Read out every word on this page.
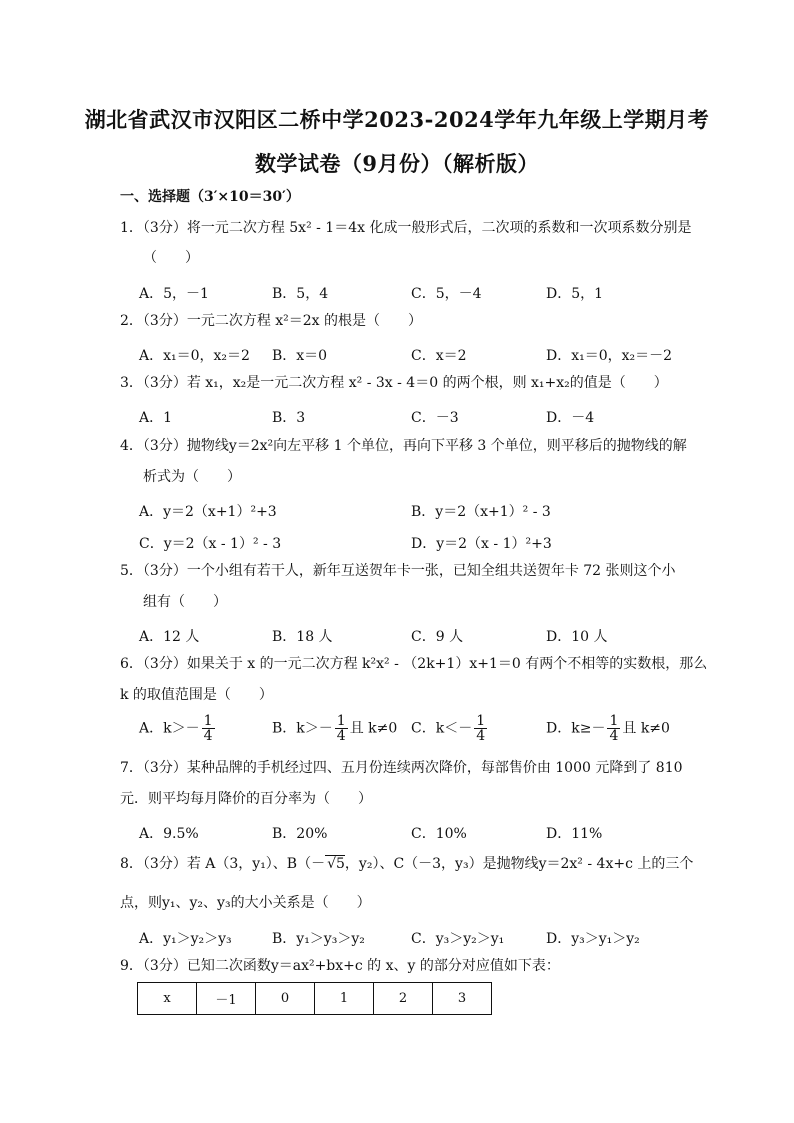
湖北省武汉市汉阳区二桥中学2023-2024学年九年级上学期月考
数学试卷（9月份）（解析版）
一、选择题（3′×10＝30′）
1．（3分）将一元二次方程 5x² - 1＝4x 化成一般形式后，二次项的系数和一次项系数分别是
（　　）
A．5，－1	B．5，4	C．5，－4	D．5，1
2．（3分）一元二次方程 x²＝2x 的根是（　　）
A．x₁＝0，x₂＝2 B．x＝0	C．x＝2	D．x₁＝0，x₂＝－2
3．（3分）若 x₁，x₂是一元二次方程 x² - 3x - 4＝0 的两个根，则 x₁+x₂的值是（　　）
A．1	B．3	C．－3	D．－4
4．（3分）抛物线y＝2x²向左平移 1 个单位，再向下平移 3 个单位，则平移后的抛物线的解
析式为（　　）
A．y＝2（x+1）²+3	B．y＝2（x+1）² - 3
C．y＝2（x - 1）² - 3	D．y＝2（x - 1）²+3
5．（3分）一个小组有若干人，新年互送贺年卡一张，已知全组共送贺年卡 72 张则这个小
组有（　　）
A．12 人	B．18 人	C．9 人	D．10 人
6．（3分）如果关于 x 的一元二次方程 k²x² - （2k+1）x+1＝0 有两个不相等的实数根，那么
k 的取值范围是（　　）
A．$k>- \frac{1}{4}$	B．$k>- \frac{1}{4}$ 且 k≠0 C．$k<- \frac{1}{4}$	D．$k\ge- \frac{1}{4}$ 且 k≠0
7．（3分）某种品牌的手机经过四、五月份连续两次降价，每部售价由 1000 元降到了 810
元．则平均每月降价的百分率为（　　）
A．9.5%	B．20%	C．10%	D．11%
8．（3分）若 A（3，y₁）、B（－ √5，y₂）、C（－3，y₃）是抛物线y＝2x² - 4x+c 上的三个
点，则y₁、y₂、y₃的大小关系是（　　）
A．y₁＞y₂＞y₃	B．y₁＞y₃＞y₂	C．y₃＞y₂＞y₁	D．y₃＞y₁＞y₂
9．（3分）已知二次函数y＝ax²+bx+c 的 x、y 的部分对应值如下表：
x	－1	0	1	2	3
